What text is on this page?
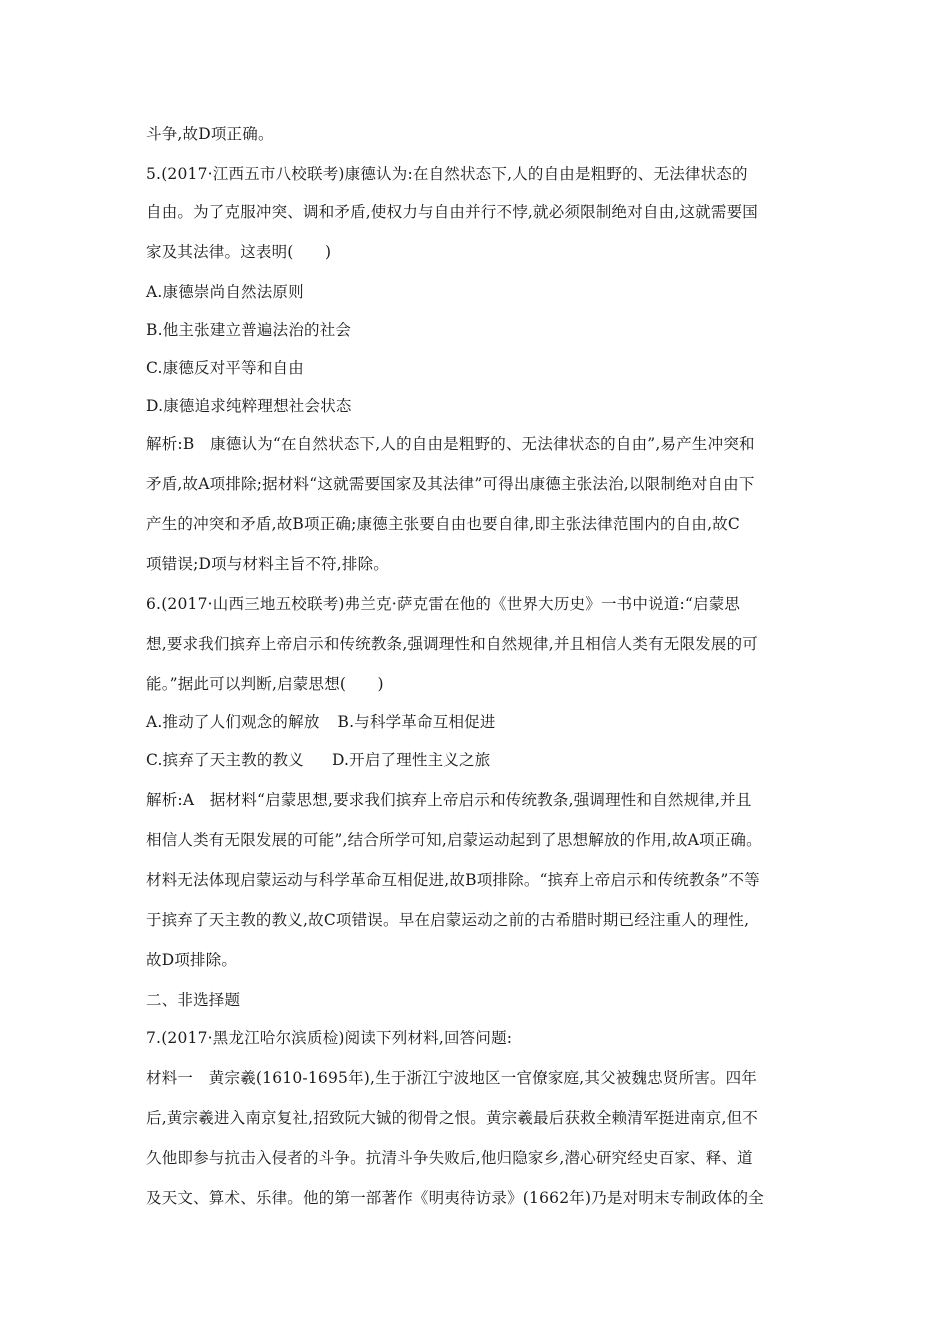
斗争,故D项正确。
5.(2017·江西五市八校联考)康德认为:在自然状态下,人的自由是粗野的、无法律状态的
自由。为了克服冲突、调和矛盾,使权力与自由并行不悖,就必须限制绝对自由,这就需要国
家及其法律。这表明(　　)
A.康德崇尚自然法原则
B.他主张建立普遍法治的社会
C.康德反对平等和自由
D.康德追求纯粹理想社会状态
解析:B　康德认为“在自然状态下,人的自由是粗野的、无法律状态的自由”,易产生冲突和
矛盾,故A项排除;据材料“这就需要国家及其法律”可得出康德主张法治,以限制绝对自由下
产生的冲突和矛盾,故B项正确;康德主张要自由也要自律,即主张法律范围内的自由,故C
项错误;D项与材料主旨不符,排除。
6.(2017·山西三地五校联考)弗兰克·萨克雷在他的《世界大历史》一书中说道:“启蒙思
想,要求我们摈弃上帝启示和传统教条,强调理性和自然规律,并且相信人类有无限发展的可
能。”据此可以判断,启蒙思想(　　)
A.推动了人们观念的解放 B.与科学革命互相促进
C.摈弃了天主教的教义 D.开启了理性主义之旅
解析:A　据材料“启蒙思想,要求我们摈弃上帝启示和传统教条,强调理性和自然规律,并且
相信人类有无限发展的可能”,结合所学可知,启蒙运动起到了思想解放的作用,故A项正确。
材料无法体现启蒙运动与科学革命互相促进,故B项排除。“摈弃上帝启示和传统教条”不等
于摈弃了天主教的教义,故C项错误。早在启蒙运动之前的古希腊时期已经注重人的理性,
故D项排除。
二、非选择题
7.(2017·黑龙江哈尔滨质检)阅读下列材料,回答问题:
材料一　黄宗羲(1610-1695年),生于浙江宁波地区一官僚家庭,其父被魏忠贤所害。四年
后,黄宗羲进入南京复社,招致阮大铖的彻骨之恨。黄宗羲最后获救全赖清军挺进南京,但不
久他即参与抗击入侵者的斗争。抗清斗争失败后,他归隐家乡,潜心研究经史百家、释、道
及天文、算术、乐律。他的第一部著作《明夷待访录》(1662年)乃是对明末专制政体的全
